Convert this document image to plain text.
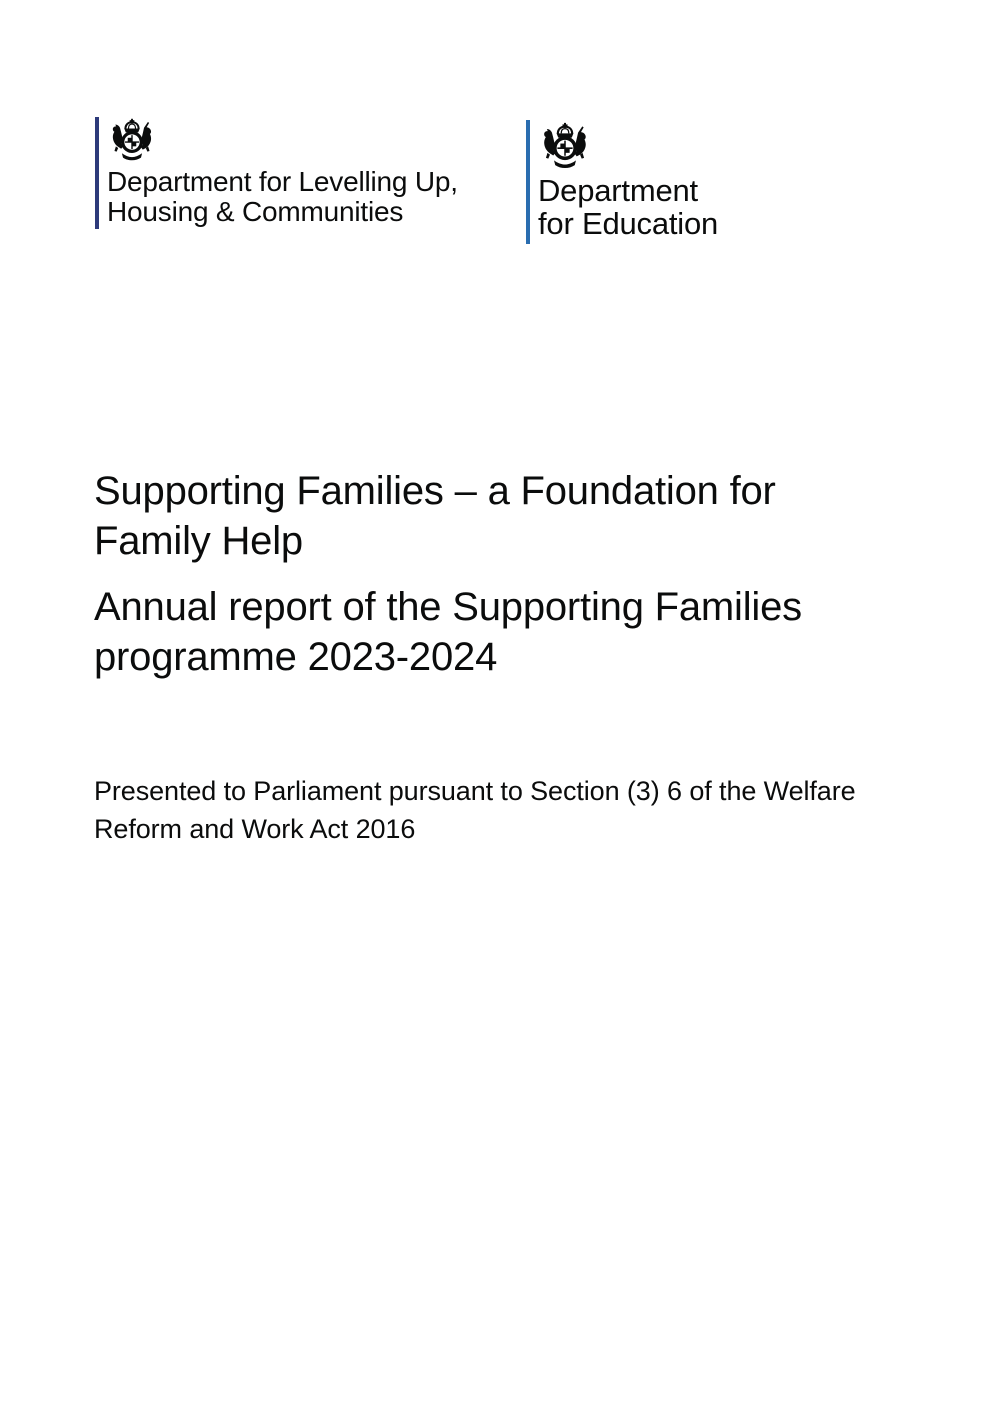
Department for Levelling Up,
Housing & Communities
Department
for Education
Supporting Families – a Foundation for
Family Help
Annual report of the Supporting Families
programme 2023-2024

Presented to Parliament pursuant to Section (3) 6 of the Welfare
Reform and Work Act 2016
